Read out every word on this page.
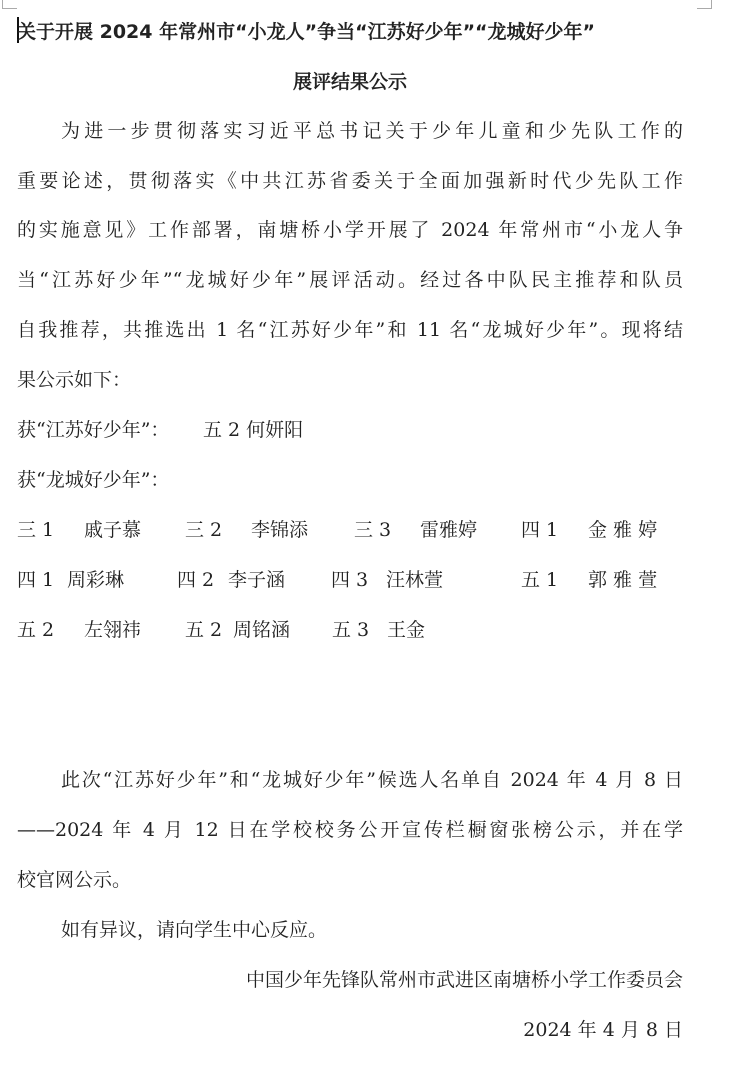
关于开展 2024 年常州市“小龙人”争当“江苏好少年”“龙城好少年”
展评结果公示
为进一步贯彻落实习近平总书记关于少年儿童和少先队工作的
重要论述，贯彻落实《中共江苏省委关于全面加强新时代少先队工作
的实施意见》工作部署，南塘桥小学开展了 2024 年常州市“小龙人争
当“江苏好少年”“龙城好少年”展评活动。经过各中队民主推荐和队员
自我推荐，共推选出 1 名“江苏好少年”和 11 名“龙城好少年”。现将结
果公示如下：
获“江苏好少年”： 五 2 何妍阳
获“龙城好少年”：
三 1 戚子慕 三 2 李锦添 三 3 雷雅婷 四 1 金 雅 婷
四 1 周彩琳	四 2 李子涵 四 3 汪林萱	五 1 郭 雅 萱
五 2 左翎祎 五 2 周铭涵 五 3 王金
此次“江苏好少年”和“龙城好少年”候选人名单自 2024 年 4 月 8 日
——2024 年 4 月 12 日在学校校务公开宣传栏橱窗张榜公示，并在学
校官网公示。
如有异议，请向学生中心反应。
中国少年先锋队常州市武进区南塘桥小学工作委员会
2024 年 4 月 8 日
